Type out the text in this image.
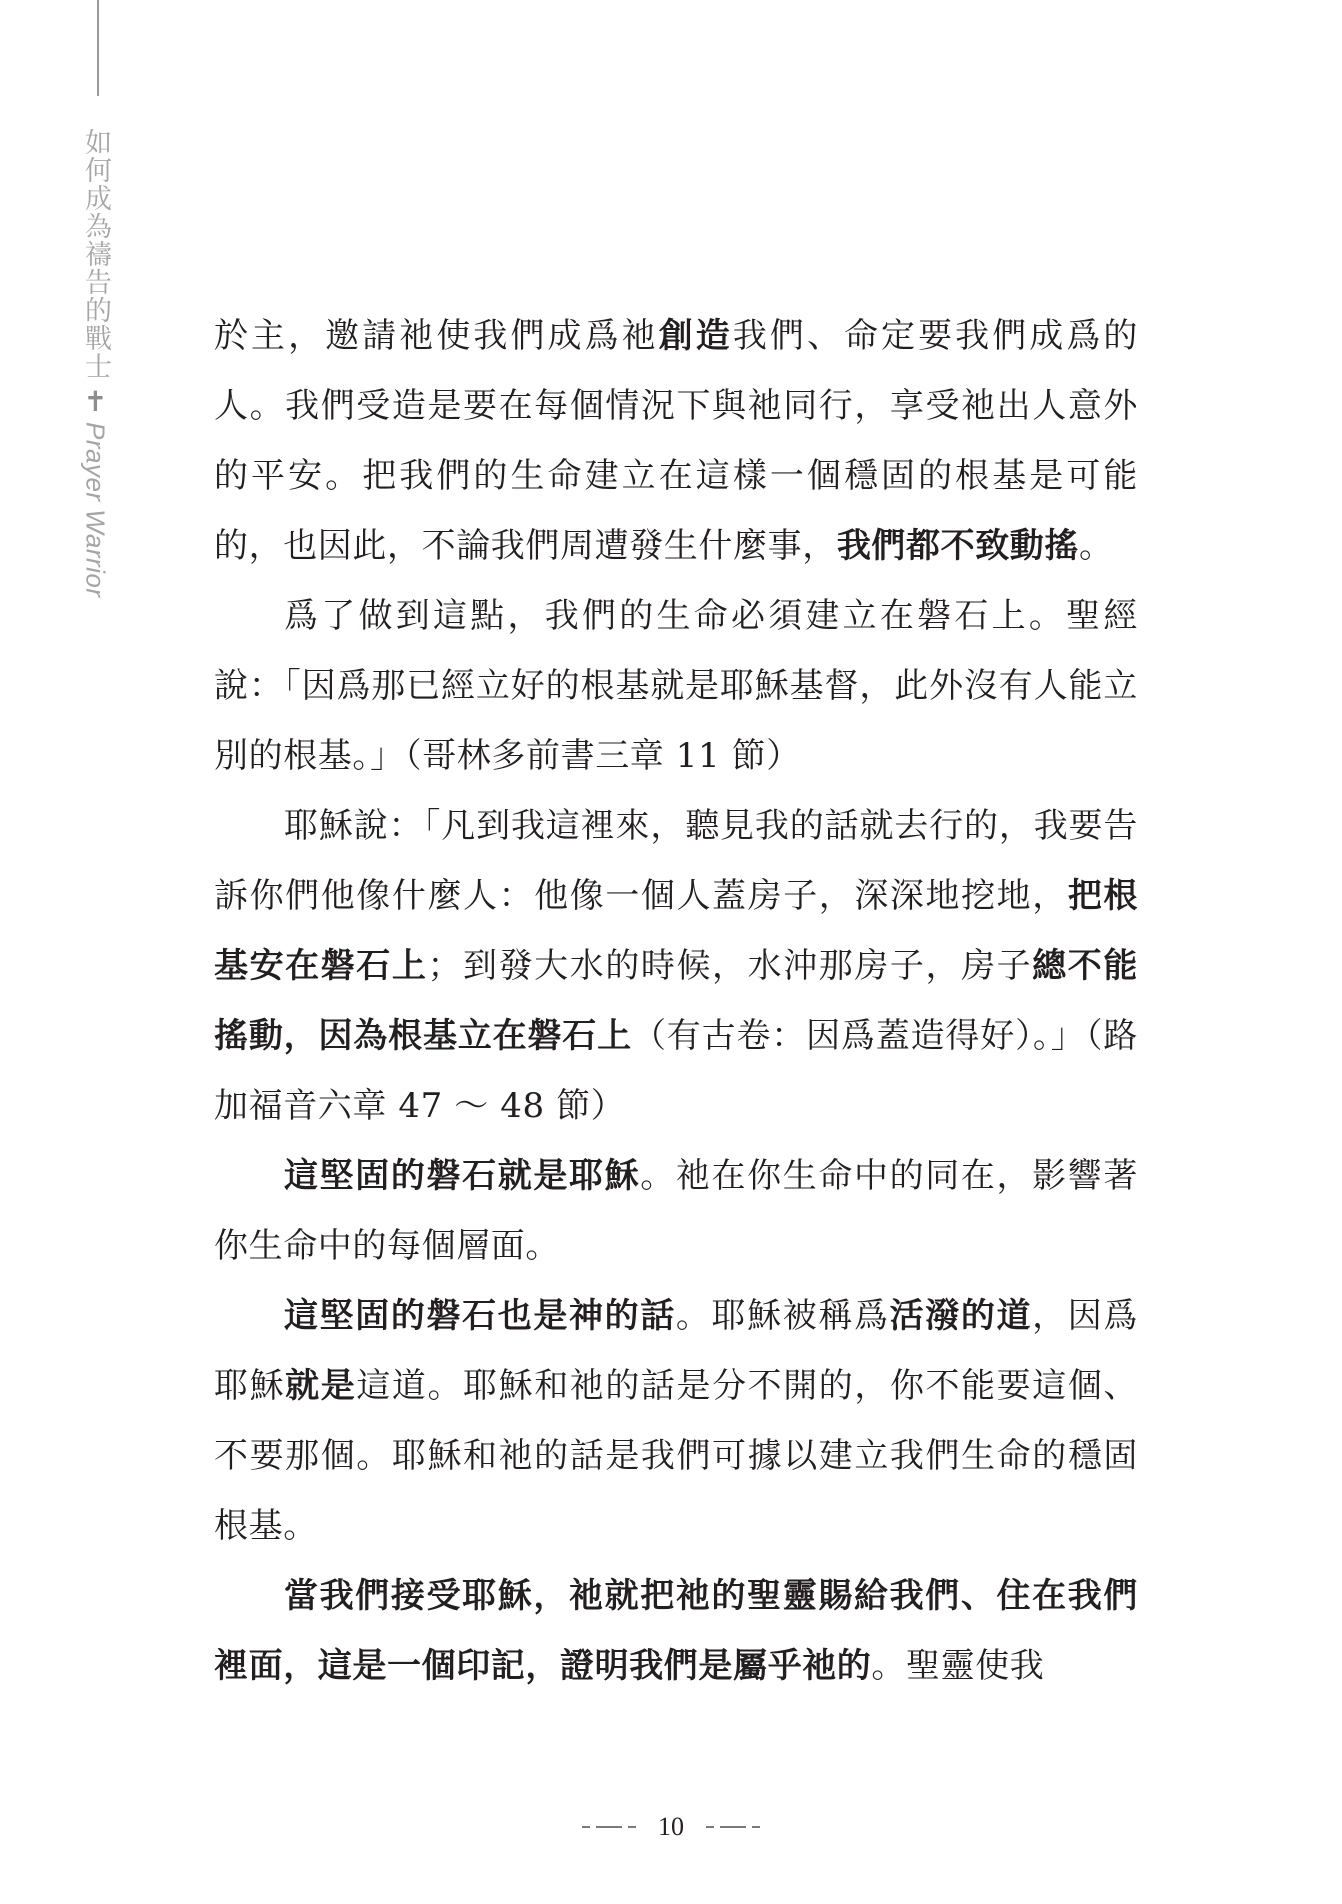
如何成為禱告的戰士
✝
Prayer Warrior

於主，邀請祂使我們成爲祂創造我們、命定要我們成爲的人。我們受造是要在每個情況下與祂同行，享受祂出人意外的平安。把我們的生命建立在這樣一個穩固的根基是可能的，也因此，不論我們周遭發生什麼事，我們都不致動搖。

爲了做到這點，我們的生命必須建立在磐石上。聖經說：「因爲那已經立好的根基就是耶穌基督，此外沒有人能立別的根基。」（哥林多前書三章 11 節）

耶穌說：「凡到我這裡來，聽見我的話就去行的，我要告訴你們他像什麼人：他像一個人蓋房子，深深地挖地，把根基安在磐石上；到發大水的時候，水沖那房子，房子總不能搖動，因為根基立在磐石上（有古卷：因爲蓋造得好）。」（路加福音六章 47 ～ 48 節）

這堅固的磐石就是耶穌。祂在你生命中的同在，影響著你生命中的每個層面。

這堅固的磐石也是神的話。耶穌被稱爲活潑的道，因爲耶穌就是這道。耶穌和祂的話是分不開的，你不能要這個、不要那個。耶穌和祂的話是我們可據以建立我們生命的穩固根基。

當我們接受耶穌，祂就把祂的聖靈賜給我們、住在我們裡面，這是一個印記，證明我們是屬乎祂的。聖靈使我

10
